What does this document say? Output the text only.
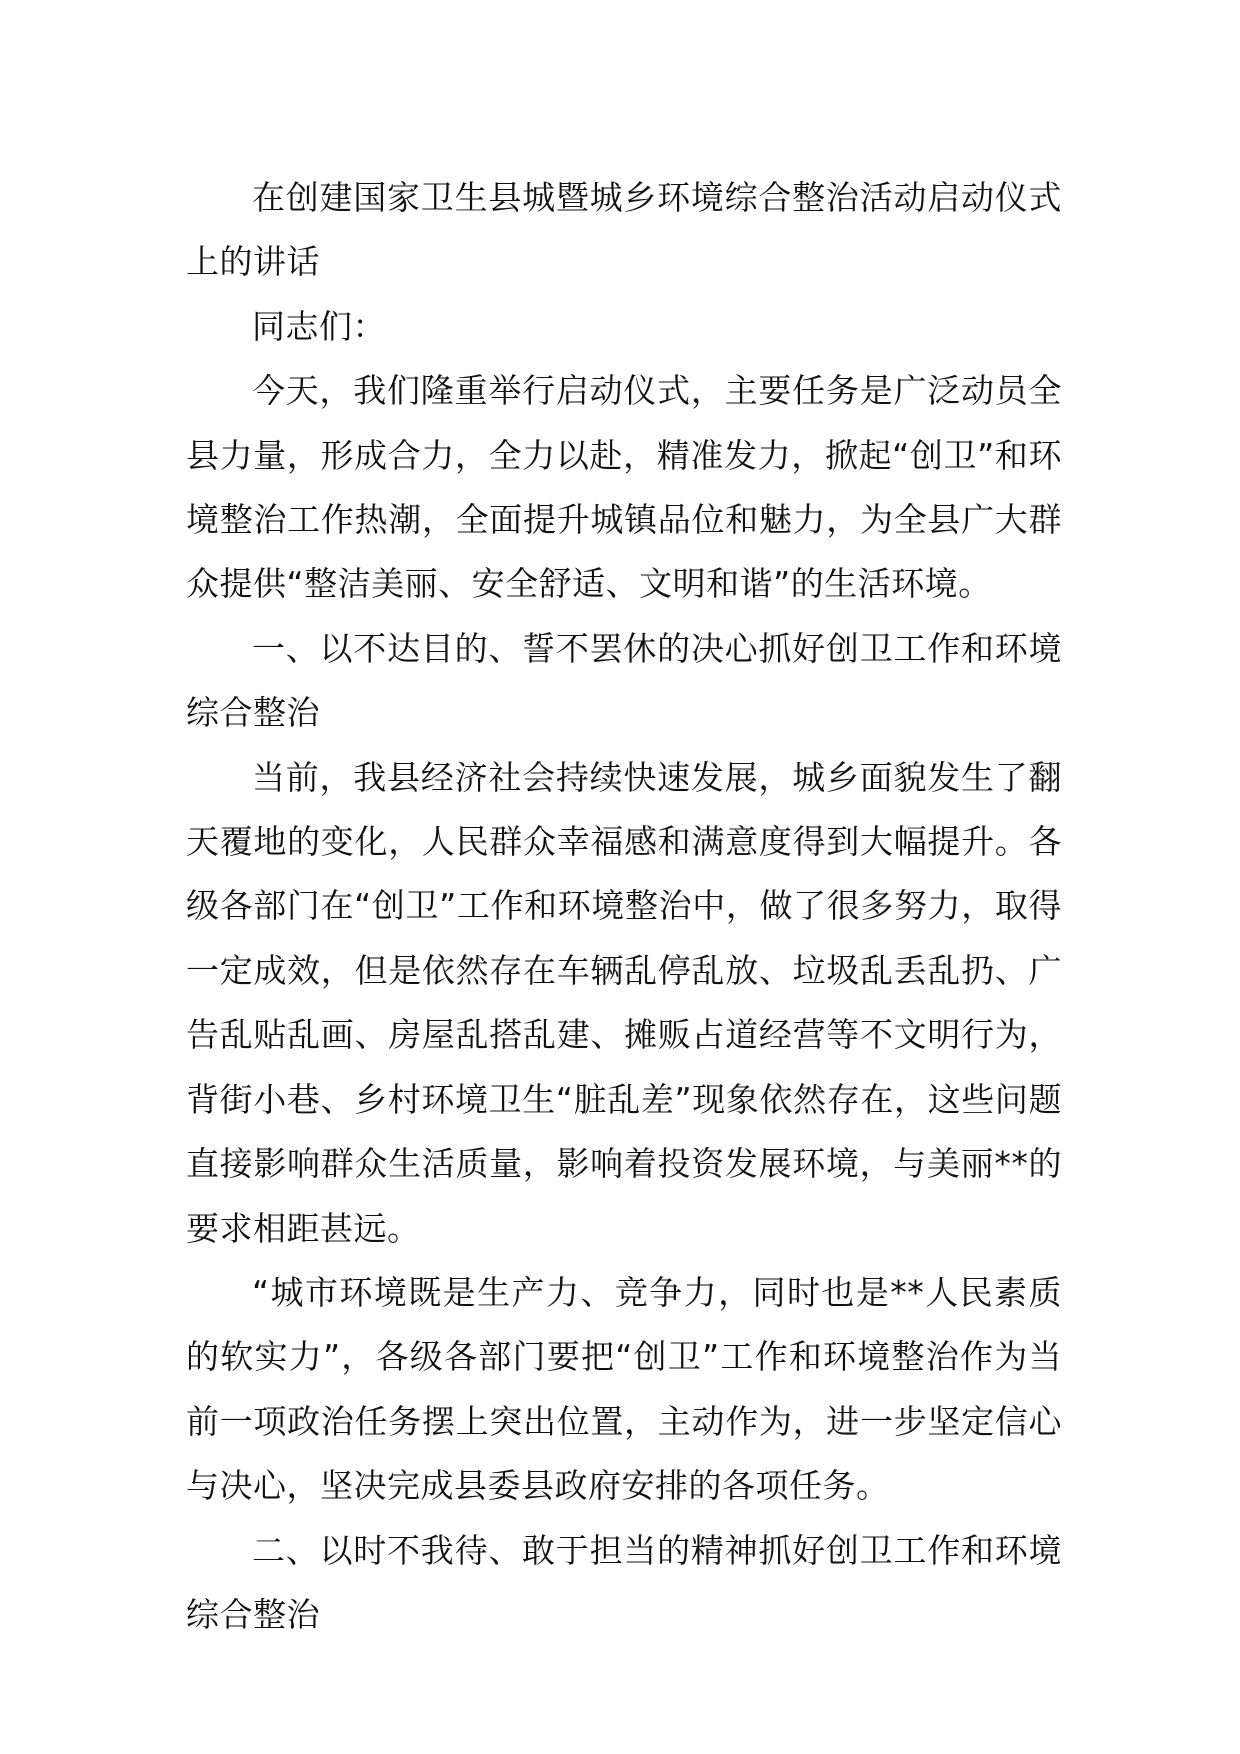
在创建国家卫生县城暨城乡环境综合整治活动启动仪式上的讲话

同志们：

今天，我们隆重举行启动仪式，主要任务是广泛动员全县力量，形成合力，全力以赴，精准发力，掀起“创卫”和环境整治工作热潮，全面提升城镇品位和魅力，为全县广大群众提供“整洁美丽、安全舒适、文明和谐”的生活环境。

一、以不达目的、誓不罢休的决心抓好创卫工作和环境综合整治

当前，我县经济社会持续快速发展，城乡面貌发生了翻天覆地的变化，人民群众幸福感和满意度得到大幅提升。各级各部门在“创卫”工作和环境整治中，做了很多努力，取得一定成效，但是依然存在车辆乱停乱放、垃圾乱丢乱扔、广告乱贴乱画、房屋乱搭乱建、摊贩占道经营等不文明行为，背街小巷、乡村环境卫生“脏乱差”现象依然存在，这些问题直接影响群众生活质量，影响着投资发展环境，与美丽**的要求相距甚远。

“城市环境既是生产力、竞争力，同时也是**人民素质的软实力”，各级各部门要把“创卫”工作和环境整治作为当前一项政治任务摆上突出位置，主动作为，进一步坚定信心与决心，坚决完成县委县政府安排的各项任务。

二、以时不我待、敢于担当的精神抓好创卫工作和环境综合整治
